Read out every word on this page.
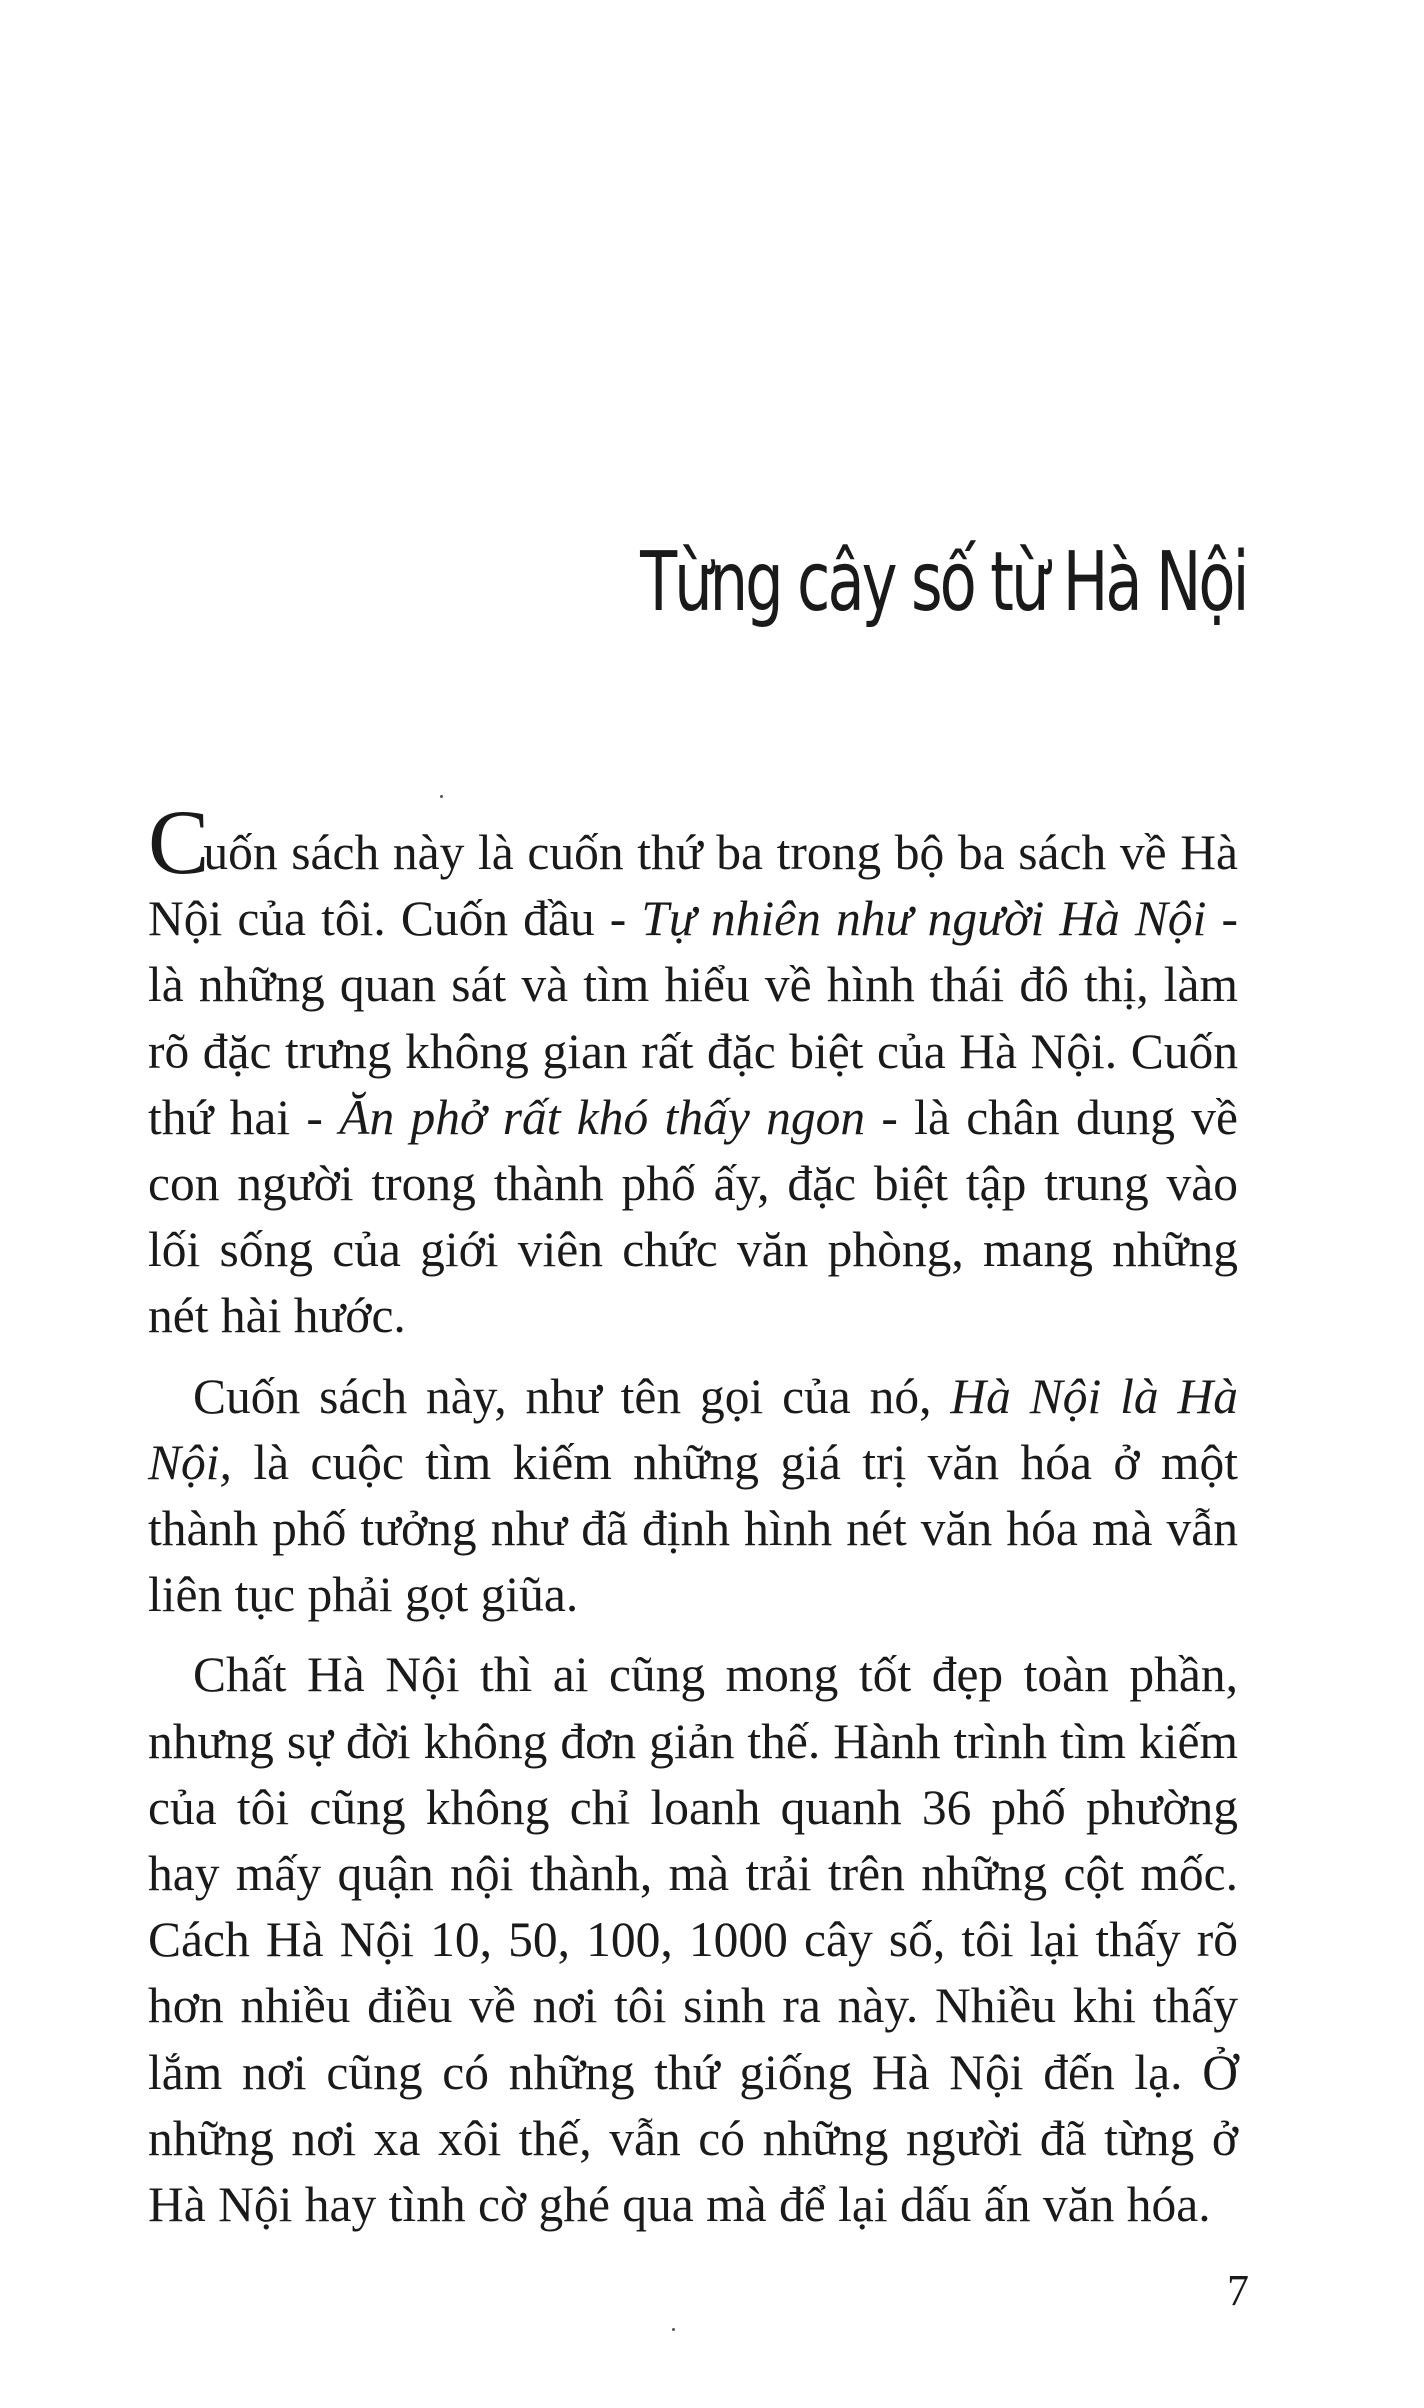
Từng cây số từ Hà Nội

Cuốn sách này là cuốn thứ ba trong bộ ba sách về Hà Nội của tôi. Cuốn đầu - Tự nhiên như người Hà Nội - là những quan sát và tìm hiểu về hình thái đô thị, làm rõ đặc trưng không gian rất đặc biệt của Hà Nội. Cuốn thứ hai - Ăn phở rất khó thấy ngon - là chân dung về con người trong thành phố ấy, đặc biệt tập trung vào lối sống của giới viên chức văn phòng, mang những nét hài hước.

Cuốn sách này, như tên gọi của nó, Hà Nội là Hà Nội, là cuộc tìm kiếm những giá trị văn hóa ở một thành phố tưởng như đã định hình nét văn hóa mà vẫn liên tục phải gọt giũa.

Chất Hà Nội thì ai cũng mong tốt đẹp toàn phần, nhưng sự đời không đơn giản thế. Hành trình tìm kiếm của tôi cũng không chỉ loanh quanh 36 phố phường hay mấy quận nội thành, mà trải trên những cột mốc. Cách Hà Nội 10, 50, 100, 1000 cây số, tôi lại thấy rõ hơn nhiều điều về nơi tôi sinh ra này. Nhiều khi thấy lắm nơi cũng có những thứ giống Hà Nội đến lạ. Ở những nơi xa xôi thế, vẫn có những người đã từng ở Hà Nội hay tình cờ ghé qua mà để lại dấu ấn văn hóa.

7
